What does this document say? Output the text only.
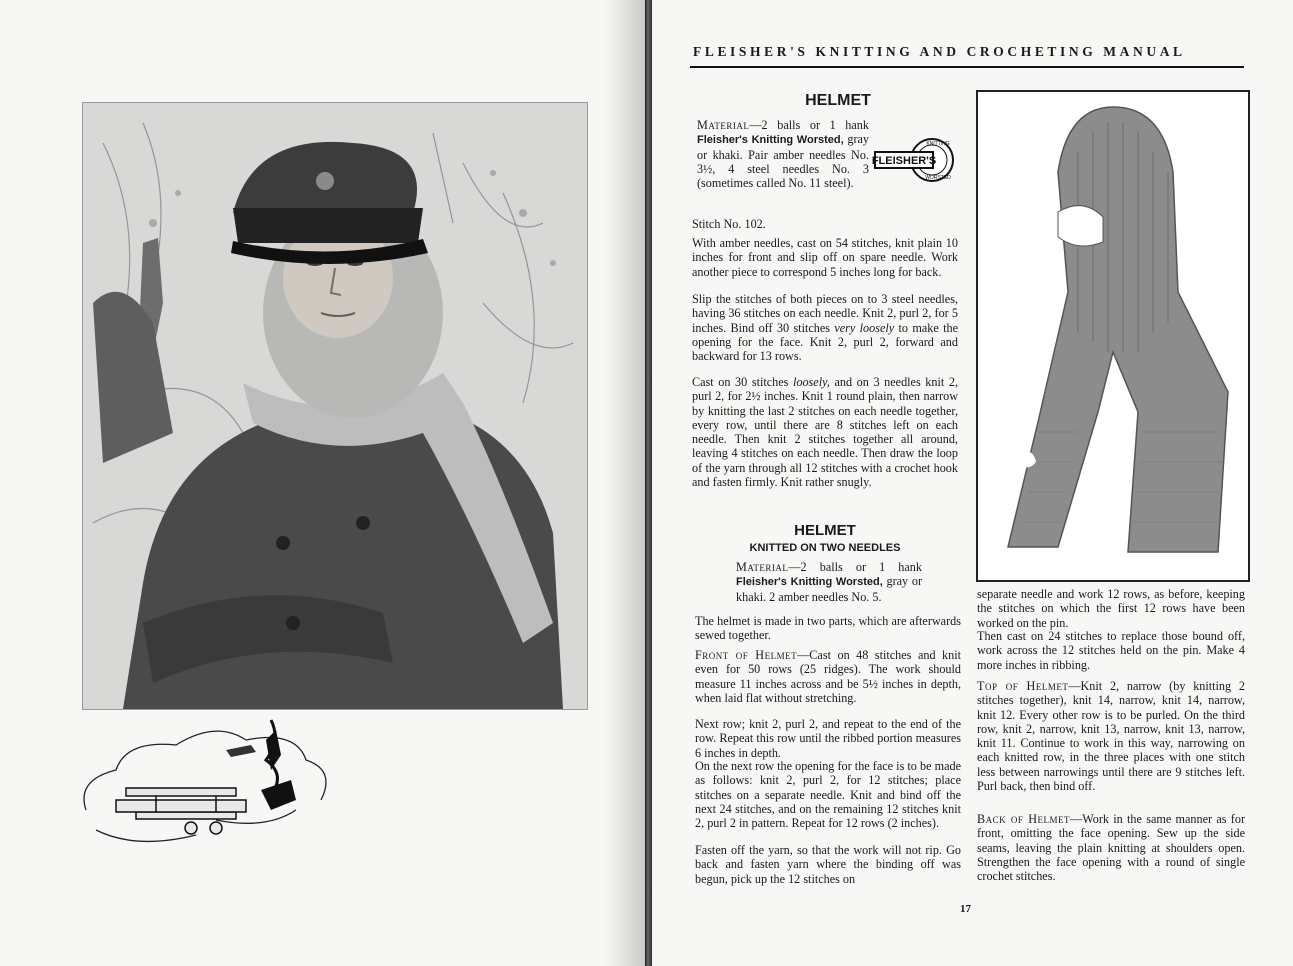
FLEISHER'S KNITTING AND CROCHETING MANUAL
HELMET

Material—2 balls or 1 hank Fleisher's Knitting Worsted, gray or khaki. Pair amber needles No. 3½, 4 steel needles No. 3 (sometimes called No. 11 steel).

FLEISHER'S
KNITTING
WORSTED

Stitch No. 102.

With amber needles, cast on 54 stitches, knit plain 10 inches for front and slip off on spare needle. Work another piece to correspond 5 inches long for back.

Slip the stitches of both pieces on to 3 steel needles, having 36 stitches on each needle. Knit 2, purl 2, for 5 inches. Bind off 30 stitches very loosely to make the opening for the face. Knit 2, purl 2, forward and backward for 13 rows.

Cast on 30 stitches loosely, and on 3 needles knit 2, purl 2, for 2½ inches. Knit 1 round plain, then narrow by knitting the last 2 stitches on each needle together, every row, until there are 8 stitches left on each needle. Then knit 2 stitches together all around, leaving 4 stitches on each needle. Then draw the loop of the yarn through all 12 stitches with a crochet hook and fasten firmly. Knit rather snugly.

HELMET
KNITTED ON TWO NEEDLES

Material—2 balls or 1 hank Fleisher's Knitting Worsted, gray or khaki. 2 amber needles No. 5.

The helmet is made in two parts, which are afterwards sewed together.

Front of Helmet—Cast on 48 stitches and knit even for 50 rows (25 ridges). The work should measure 11 inches across and be 5½ inches in depth, when laid flat without stretching.

Next row; knit 2, purl 2, and repeat to the end of the row. Repeat this row until the ribbed portion measures 6 inches in depth.

On the next row the opening for the face is to be made as follows: knit 2, purl 2, for 12 stitches; place stitches on a separate needle. Knit and bind off the next 24 stitches, and on the remaining 12 stitches knit 2, purl 2 in pattern. Repeat for 12 rows (2 inches).

Fasten off the yarn, so that the work will not rip. Go back and fasten yarn where the binding off was begun, pick up the 12 stitches on

separate needle and work 12 rows, as before, keeping the stitches on which the first 12 rows have been worked on the pin.

Then cast on 24 stitches to replace those bound off, work across the 12 stitches held on the pin. Make 4 more inches in ribbing.

Top of Helmet—Knit 2, narrow (by knitting 2 stitches together), knit 14, narrow, knit 14, narrow, knit 12. Every other row is to be purled. On the third row, knit 2, narrow, knit 13, narrow, knit 13, narrow, knit 11. Continue to work in this way, narrowing on each knitted row, in the three places with one stitch less between narrowings until there are 9 stitches left. Purl back, then bind off.

Back of Helmet—Work in the same manner as for front, omitting the face opening. Sew up the side seams, leaving the plain knitting at shoulders open. Strengthen the face opening with a round of single crochet stitches.

17
